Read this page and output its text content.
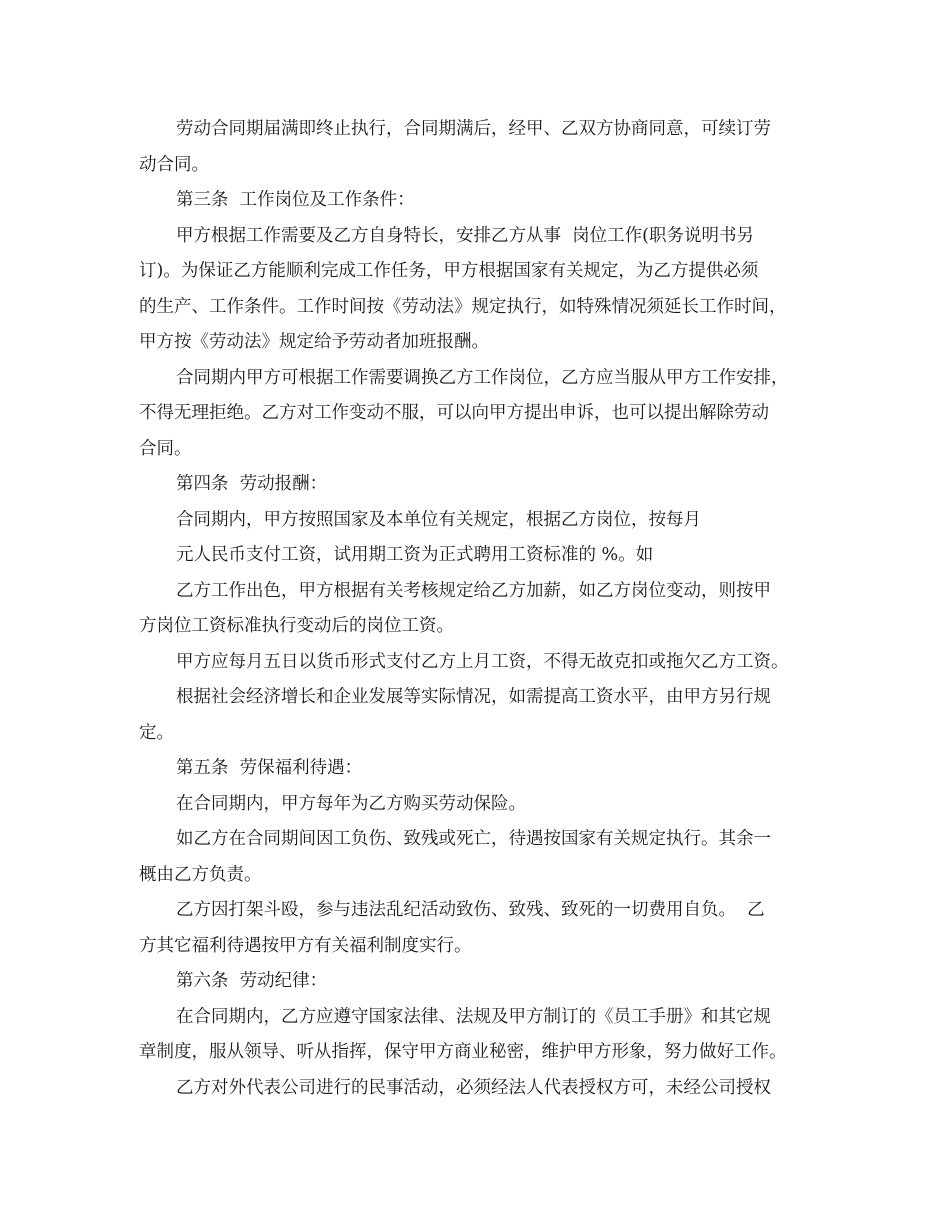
劳动合同期届满即终止执行，合同期满后，经甲、乙双方协商同意，可续订劳
动合同。
第三条  工作岗位及工作条件：
甲方根据工作需要及乙方自身特长，安排乙方从事  岗位工作(职务说明书另
订)。为保证乙方能顺利完成工作任务，甲方根据国家有关规定，为乙方提供必须
的生产、工作条件。工作时间按《劳动法》规定执行，如特殊情况须延长工作时间，
甲方按《劳动法》规定给予劳动者加班报酬。
合同期内甲方可根据工作需要调换乙方工作岗位，乙方应当服从甲方工作安排，
不得无理拒绝。乙方对工作变动不服，可以向甲方提出申诉，也可以提出解除劳动
合同。
第四条  劳动报酬：
合同期内，甲方按照国家及本单位有关规定，根据乙方岗位，按每月
元人民币支付工资，试用期工资为正式聘用工资标准的 %。如
乙方工作出色，甲方根据有关考核规定给乙方加薪，如乙方岗位变动，则按甲
方岗位工资标准执行变动后的岗位工资。
甲方应每月五日以货币形式支付乙方上月工资，不得无故克扣或拖欠乙方工资。
根据社会经济增长和企业发展等实际情况，如需提高工资水平，由甲方另行规
定。
第五条  劳保福利待遇：
在合同期内，甲方每年为乙方购买劳动保险。
如乙方在合同期间因工负伤、致残或死亡，待遇按国家有关规定执行。其余一
概由乙方负责。
乙方因打架斗殴，参与违法乱纪活动致伤、致残、致死的一切费用自负。  乙
方其它福利待遇按甲方有关福利制度实行。
第六条  劳动纪律：
在合同期内，乙方应遵守国家法律、法规及甲方制订的《员工手册》和其它规
章制度，服从领导、听从指挥，保守甲方商业秘密，维护甲方形象，努力做好工作。
乙方对外代表公司进行的民事活动，必须经法人代表授权方可，未经公司授权
